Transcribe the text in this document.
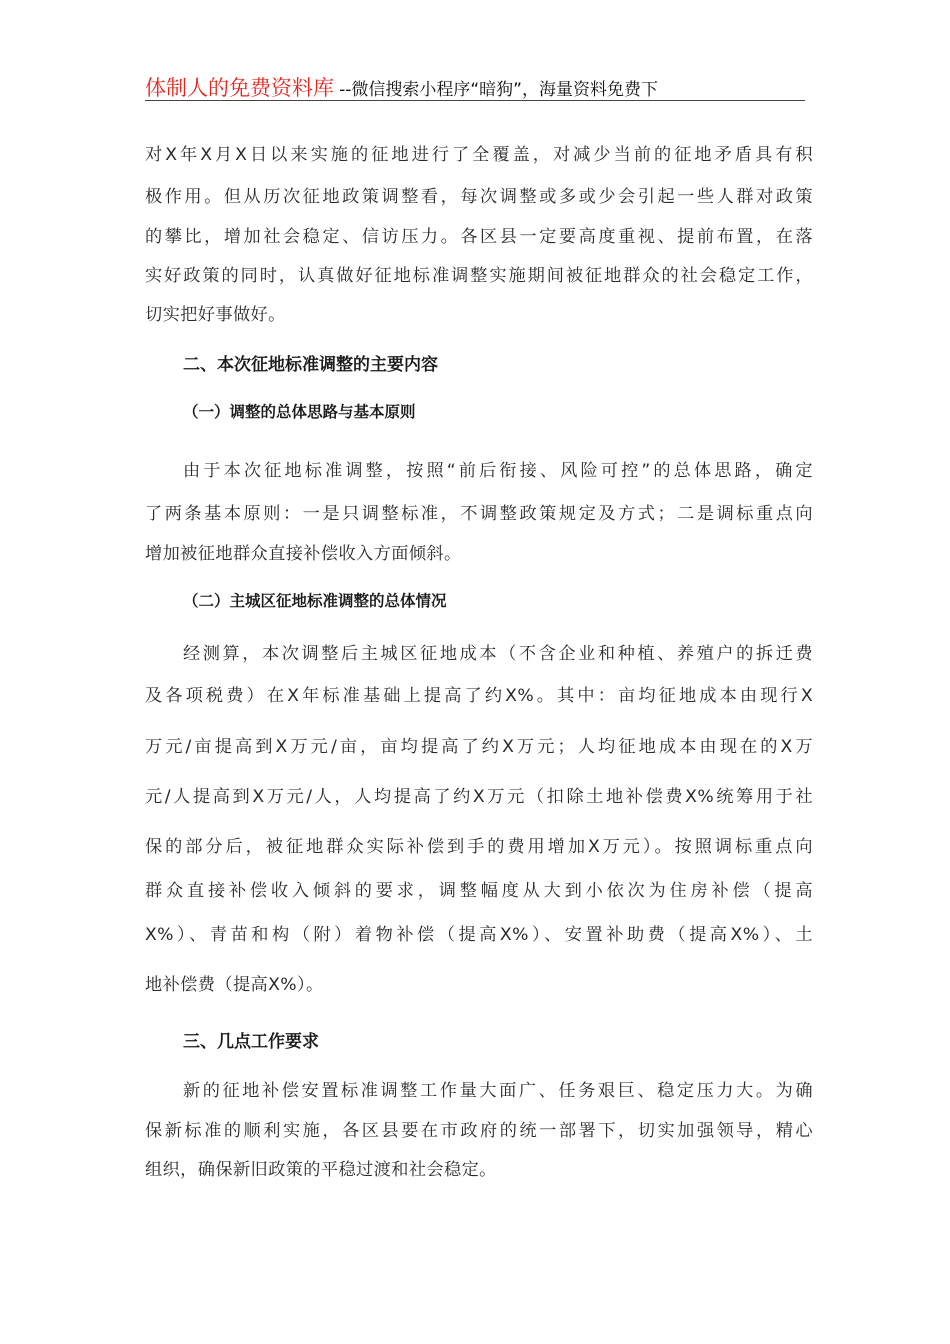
体制人的免费资料库 --微信搜索小程序“暗狗”，海量资料免费下
对X年X月X日以来实施的征地进行了全覆盖，对减少当前的征地矛盾具有积
极作用。但从历次征地政策调整看，每次调整或多或少会引起一些人群对政策
的攀比，增加社会稳定、信访压力。各区县一定要高度重视、提前布置，在落
实好政策的同时，认真做好征地标准调整实施期间被征地群众的社会稳定工作，
切实把好事做好。
二、本次征地标准调整的主要内容
（一）调整的总体思路与基本原则
由于本次征地标准调整，按照“前后衔接、风险可控”的总体思路，确定
了两条基本原则：一是只调整标准，不调整政策规定及方式；二是调标重点向
增加被征地群众直接补偿收入方面倾斜。
（二）主城区征地标准调整的总体情况
经测算，本次调整后主城区征地成本（不含企业和种植、养殖户的拆迁费
及各项税费）在X年标准基础上提高了约X%。其中：亩均征地成本由现行X
万元/亩提高到X万元/亩，亩均提高了约X万元；人均征地成本由现在的X万
元/人提高到X万元/人，人均提高了约X万元（扣除土地补偿费X%统筹用于社
保的部分后，被征地群众实际补偿到手的费用增加X万元）。按照调标重点向
群众直接补偿收入倾斜的要求，调整幅度从大到小依次为住房补偿（提高
X%）、青苗和构（附）着物补偿（提高X%）、安置补助费（提高X%）、土
地补偿费（提高X%）。
三、几点工作要求
新的征地补偿安置标准调整工作量大面广、任务艰巨、稳定压力大。为确
保新标准的顺利实施，各区县要在市政府的统一部署下，切实加强领导，精心
组织，确保新旧政策的平稳过渡和社会稳定。
